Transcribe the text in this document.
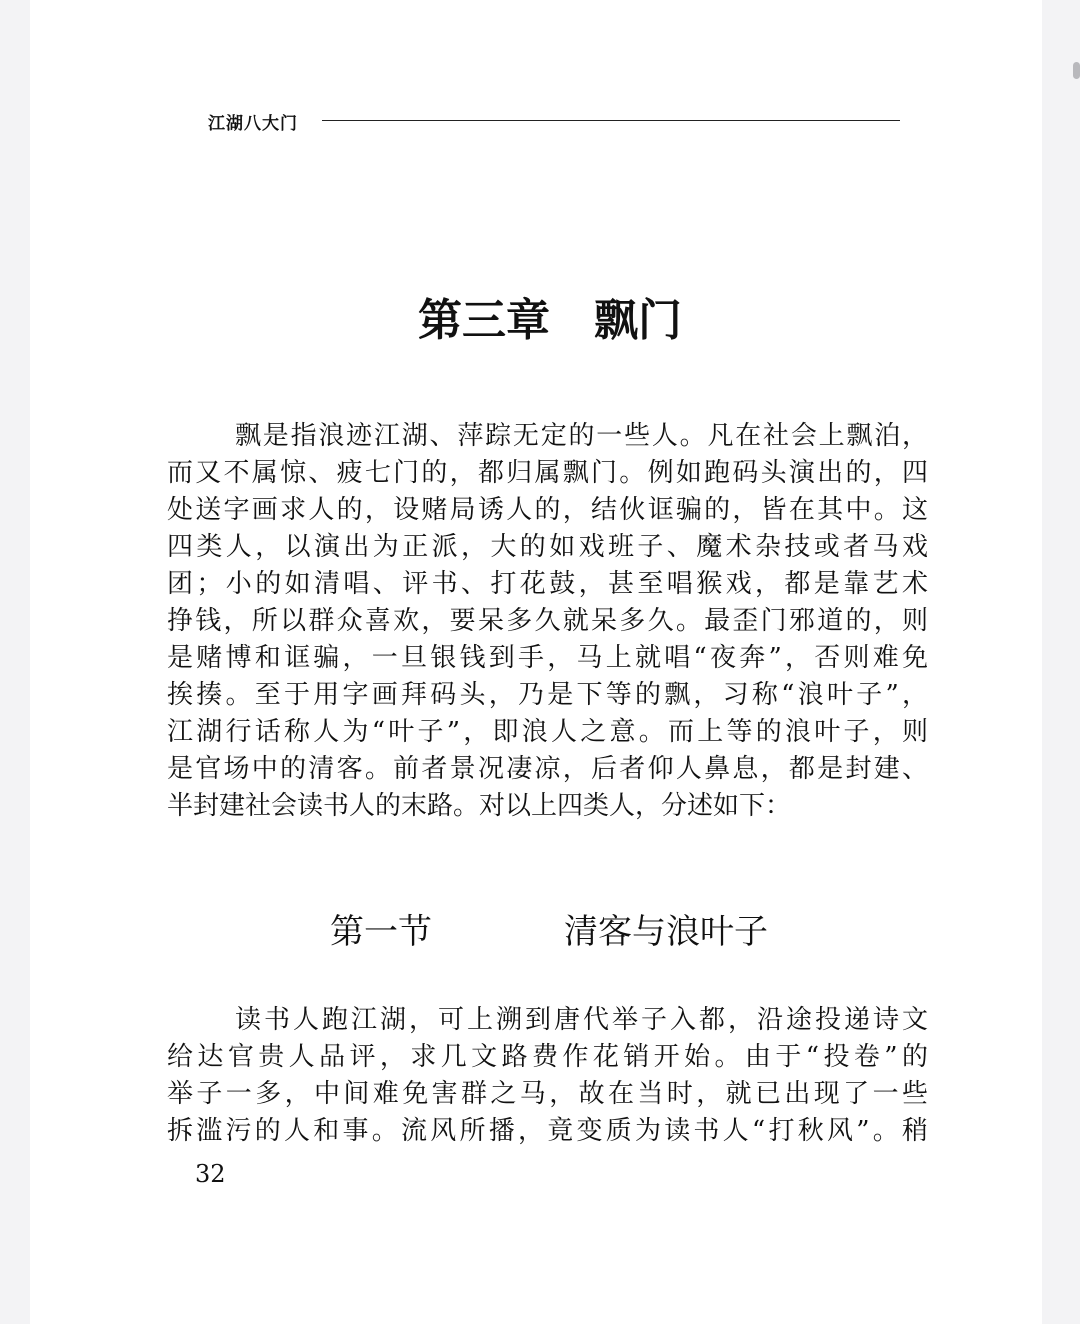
江湖八大门
第三章　飘门
飘是指浪迹江湖、萍踪无定的一些人。凡在社会上飘泊，
而又不属惊、疲七门的，都归属飘门。例如跑码头演出的，四
处送字画求人的，设赌局诱人的，结伙诓骗的，皆在其中。这
四类人，以演出为正派，大的如戏班子、魔术杂技或者马戏
团；小的如清唱、评书、打花鼓，甚至唱猴戏，都是靠艺术
挣钱，所以群众喜欢，要呆多久就呆多久。最歪门邪道的，则
是赌博和诓骗，一旦银钱到手，马上就唱“夜奔”，否则难免
挨揍。至于用字画拜码头，乃是下等的飘，习称“浪叶子”，
江湖行话称人为“叶子”，即浪人之意。而上等的浪叶子，则
是官场中的清客。前者景况凄凉，后者仰人鼻息，都是封建、
半封建社会读书人的末路。对以上四类人，分述如下：
第一节	清客与浪叶子
读书人跑江湖，可上溯到唐代举子入都，沿途投递诗文
给达官贵人品评，求几文路费作花销开始。由于“投卷”的
举子一多，中间难免害群之马，故在当时，就已出现了一些
拆滥污的人和事。流风所播，竟变质为读书人“打秋风”。稍
32
